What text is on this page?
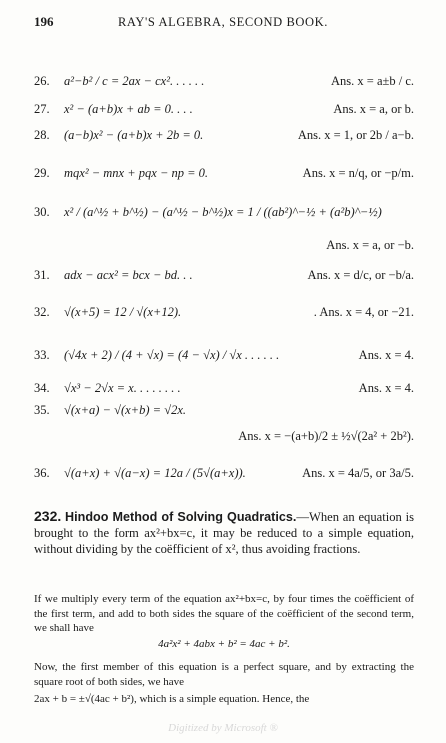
196	RAY'S ALGEBRA, SECOND BOOK.
26. a²−b² / c = 2ax − cx². . . . . .	Ans. x = a±b / c.
27. x² − (a+b)x + ab = 0. . . .	Ans. x = a, or b.
28. (a−b)x² − (a+b)x + 2b = 0.	Ans. x = 1, or 2b / a−b.
29. mqx² − mnx + pqx − np = 0.	Ans. x = n/q, or −p/m.
30. x² / (a^½ + b^½) − (a^½ − b^½)x = 1 / ((ab²)^−½ + (a²b)^−½)
Ans. x = a, or −b.
31. adx − acx² = bcx − bd. . .	Ans. x = d/c, or −b/a.
32. √(x+5) = 12 / √(x+12).	. Ans. x = 4, or −21.
33. (√4x + 2) / (4 + √x) = (4 − √x) / √x . . . . . .	Ans. x = 4.
34. √x³ − 2√x = x. . . . . . . .	Ans. x = 4.
35. √(x+a) − √(x+b) = √2x.
Ans. x = −(a+b)/2 ± ½√(2a² + 2b²).
36. √(a+x) + √(a−x) = 12a / (5√(a+x)).	Ans. x = 4a/5, or 3a/5.
232. Hindoo Method of Solving Quadratics.—When an equation is brought to the form ax²+bx=c, it may be reduced to a simple equation, without dividing by the coëfficient of x², thus avoiding fractions.
If we multiply every term of the equation ax²+bx=c, by four times the coëfficient of the first term, and add to both sides the square of the coëfficient of the second term, we shall have
4a²x² + 4abx + b² = 4ac + b².
Now, the first member of this equation is a perfect square, and by extracting the square root of both sides, we have
2ax + b = ±√(4ac + b²), which is a simple equation. Hence, the
Digitized by Microsoft ®
